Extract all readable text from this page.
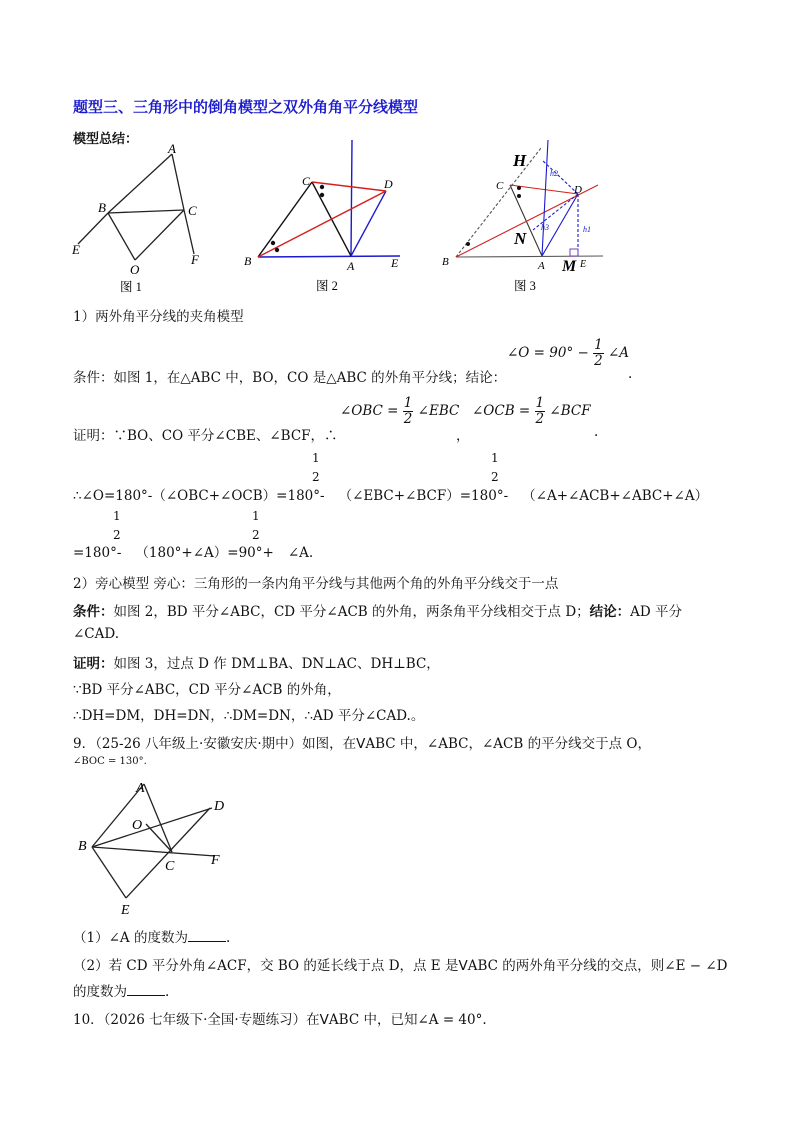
题型三、三角形中的倒角模型之双外角角平分线模型
模型总结：
A
B	C
E
F
O
图 1
C	D
B	A	E
图 2
H
h2
C	D
N
h3	h1
B	A M E
图 3
1）两外角平分线的夹角模型
∠O = $90^\circ - \frac{1}{2}$ ∠A
条件：如图 1，在△ABC 中，BO，CO 是△ABC 的外角平分线；结论：	.
∠OBC = $\frac{1}{2}$ ∠EBC ∠OCB = $\frac{1}{2}$ ∠BCF
证明：∵BO、CO 平分∠CBE、∠BCF，∴	，	.
1	1
∴∠O=180°-（∠OBC+∠OCB）=180°- （∠EBC+∠BCF）=180°- （∠A+∠ACB+∠ABC+∠A）
2	2
1	1
=180°- （180°+∠A）=90°+ ∠A.
2	2
2）旁心模型 旁心：三角形的一条内角平分线与其他两个角的外角平分线交于一点
条件：如图 2，BD 平分∠ABC，CD 平分∠ACB 的外角，两条角平分线相交于点 D；结论：AD 平分
∠CAD.
证明：如图 3，过点 D 作 DM⊥BA、DN⊥AC、DH⊥BC，
∵BD 平分∠ABC，CD 平分∠ACB 的外角，
∴DH=DM，DH=DN，∴DM=DN，∴AD 平分∠CAD.。
9．（25-26 八年级上·安徽安庆·期中）如图，在VABC 中，∠ABC，∠ACB 的平分线交于点 O，
∠BOC = 130°.
A
D
O
B
C	F
E
（1）∠A 的度数为	.
（2）若 CD 平分外角∠ACF，交 BO 的延长线于点 D，点 E 是VABC 的两外角平分线的交点，则∠E − ∠D
的度数为	.
10．（2026 七年级下·全国·专题练习）在VABC 中，已知∠A = 40°.
